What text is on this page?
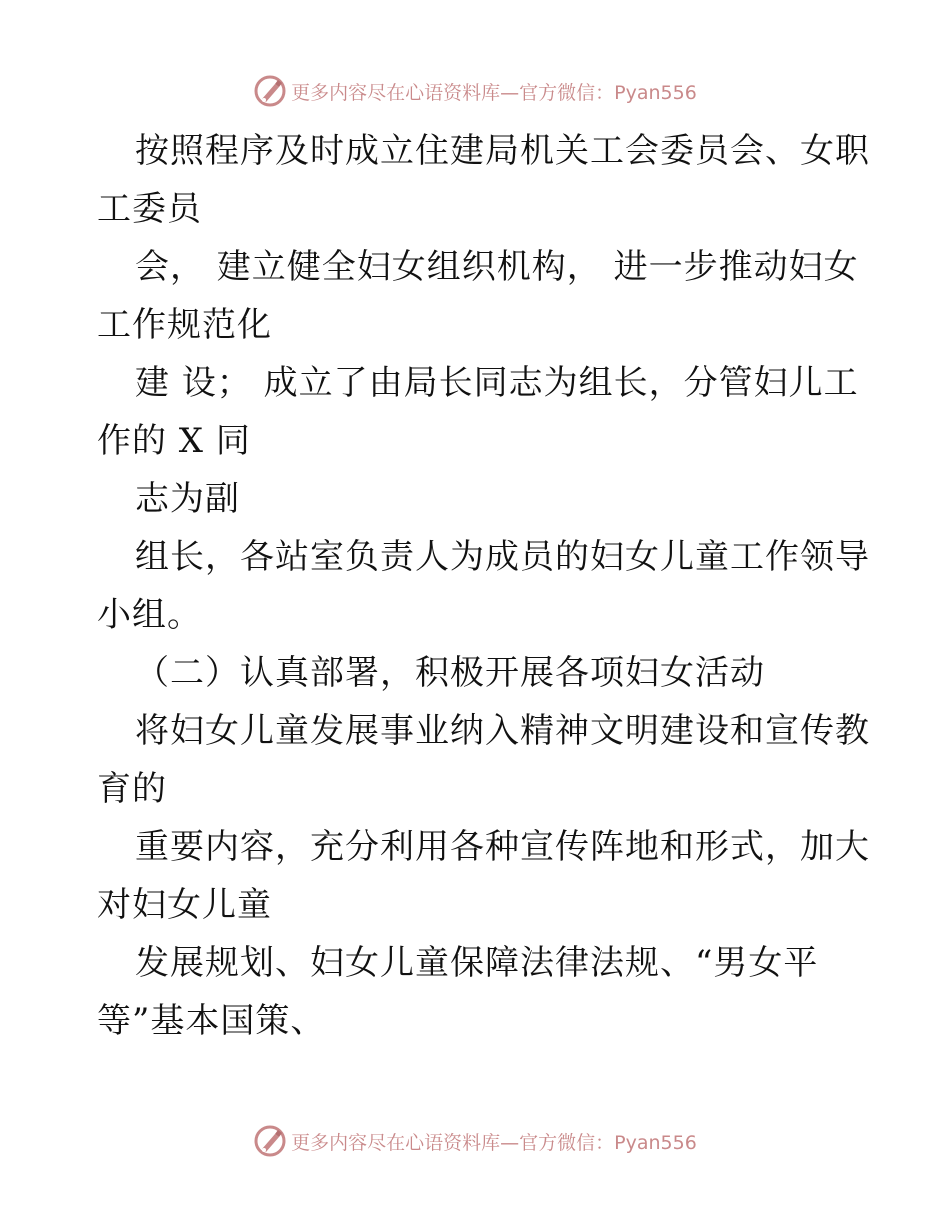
更多内容尽在心语资料库—官方微信：Pyan556
按照程序及时成立住建局机关工会委员会、女职
工委员
会， 建立健全妇女组织机构， 进一步推动妇女
工作规范化
建 设； 成立了由局长同志为组长，分管妇儿工
作的 X 同
志为副
组长，各站室负责人为成员的妇女儿童工作领导
小组。
（二）认真部署，积极开展各项妇女活动
将妇女儿童发展事业纳入精神文明建设和宣传教
育的
重要内容，充分利用各种宣传阵地和形式，加大
对妇女儿童
发展规划、妇女儿童保障法律法规、“男女平
等”基本国策、
更多内容尽在心语资料库—官方微信：Pyan556
